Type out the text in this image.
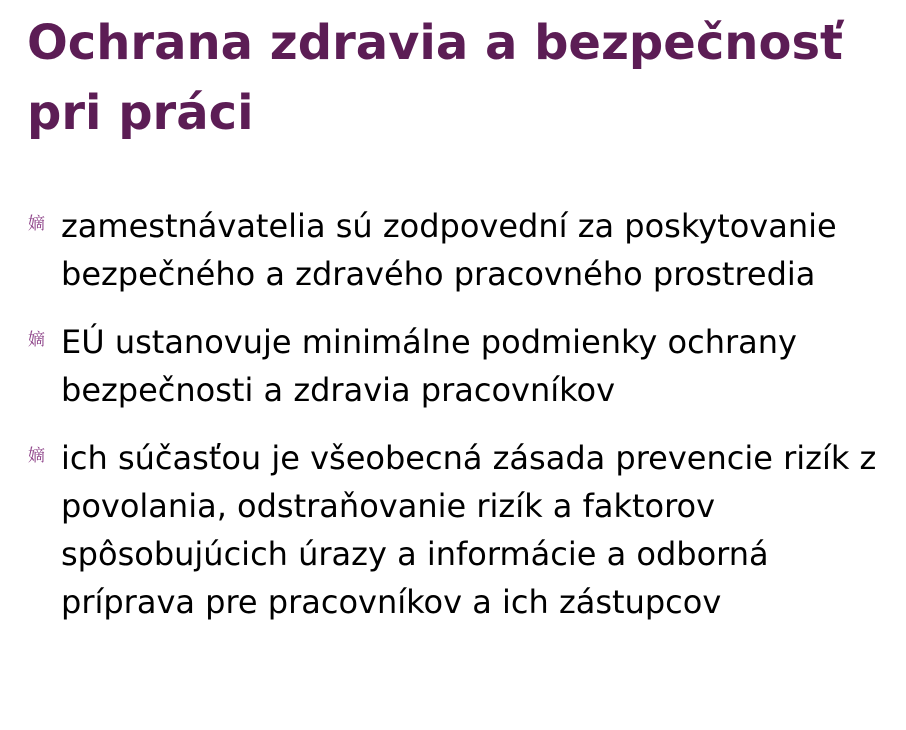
Ochrana zdravia a bezpečnosť pri práci
嫡 zamestnávatelia sú zodpovední za poskytovanie bezpečného a zdravého pracovného prostredia
嫡 EÚ ustanovuje minimálne podmienky ochrany bezpečnosti a zdravia pracovníkov
嫡 ich súčasťou je všeobecná zásada prevencie rizík z povolania, odstraňovanie rizík a faktorov spôsobujúcich úrazy a informácie a odborná príprava pre pracovníkov a ich zástupcov
